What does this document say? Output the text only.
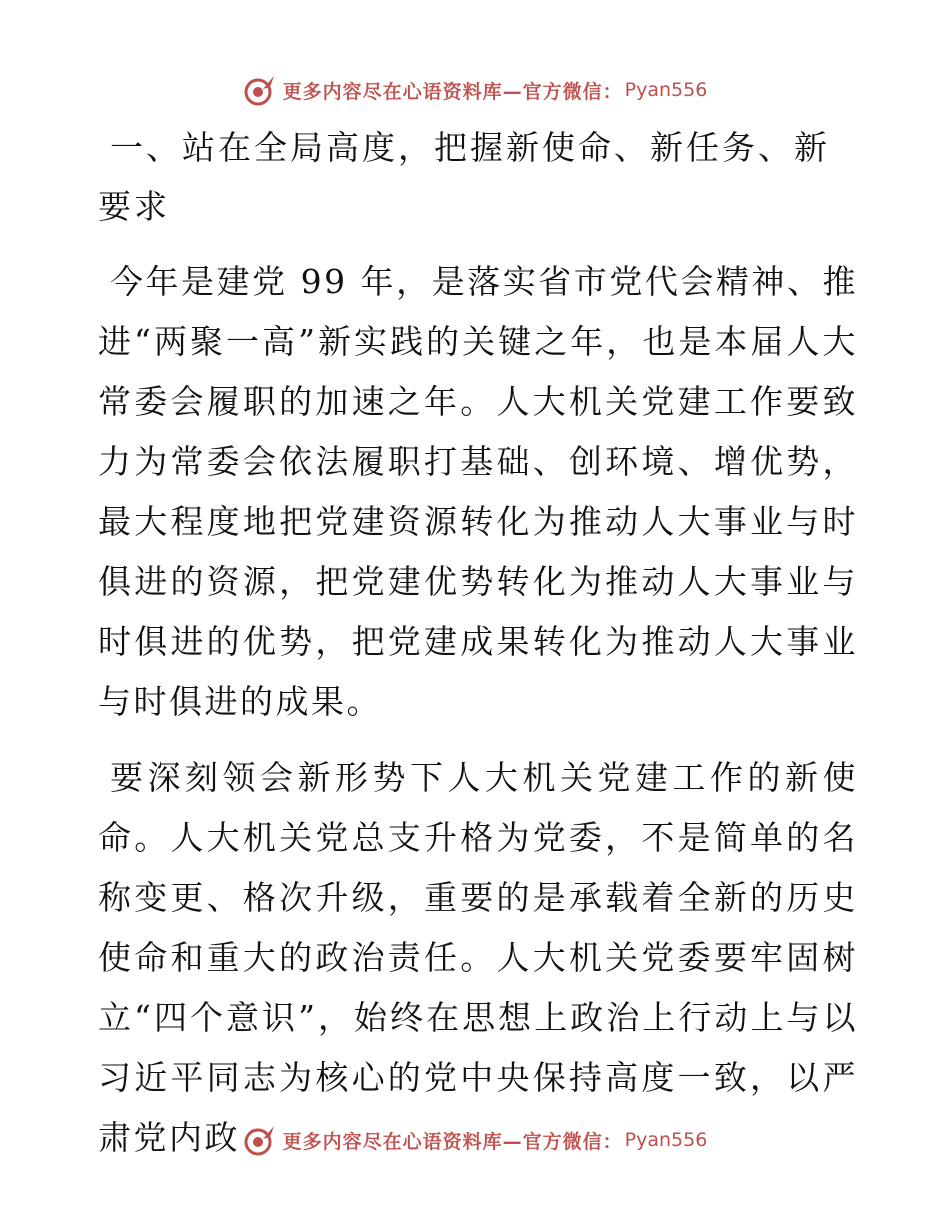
更多内容尽在心语资料库—官方微信： Pyan556
一、站在全局高度，把握新使命、新任务、新要求

今年是建党 99 年，是落实省市党代会精神、推进“两聚一高”新实践的关键之年，也是本届人大常委会履职的加速之年。人大机关党建工作要致力为常委会依法履职打基础、创环境、增优势，最大程度地把党建资源转化为推动人大事业与时俱进的资源，把党建优势转化为推动人大事业与时俱进的优势，把党建成果转化为推动人大事业与时俱进的成果。

要深刻领会新形势下人大机关党建工作的新使命。人大机关党总支升格为党委，不是简单的名称变更、格次升级，重要的是承载着全新的历史使命和重大的政治责任。人大机关党委要牢固树立“四个意识”，始终在思想上政治上行动上与以习近平同志为核心的党中央保持高度一致，以严肃党内政	更多内容尽在心语资料库—官方微信： Pyan556
